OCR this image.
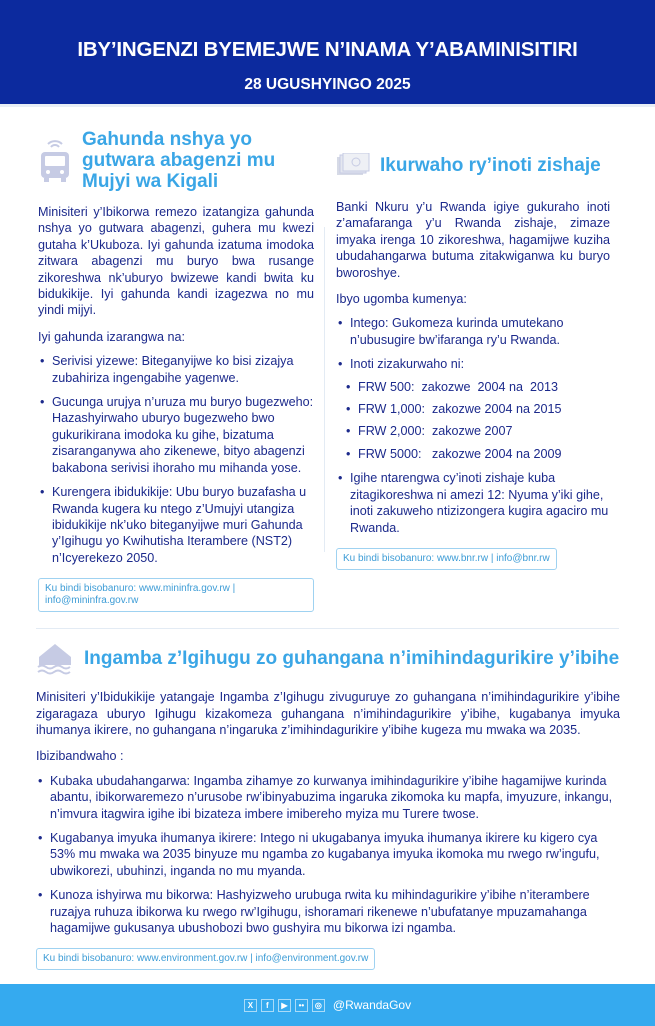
IBY’INGENZI BYEMEJWE N’INAMA Y’ABAMINISITIRI
28 UGUSHYINGO 2025
Gahunda nshya yo gutwara abagenzi mu Mujyi wa Kigali

Minisiteri y’Ibikorwa remezo izatangiza gahunda nshya yo gutwara abagenzi, guhera mu kwezi gutaha k’Ukuboza. Iyi gahunda izatuma imodoka zitwara abagenzi mu buryo bwa rusange zikoreshwa nk’uburyo bwizewe kandi bwita ku bidukikije. Iyi gahunda kandi izagezwa no mu yindi mijyi.

Iyi gahunda izarangwa na:

• Serivisi yizewe: Biteganyijwe ko bisi zizajya zubahiriza ingengabihe yagenwe.
• Gucunga urujya n’uruza mu buryo bugezweho: Hazashyirwaho uburyo bugezweho bwo gukurikirana imodoka ku gihe, bizatuma zisaranganywa aho zikenewe, bityo abagenzi bakabona serivisi ihoraho mu mihanda yose.
• Kurengera ibidukikije: Ubu buryo buzafasha u Rwanda kugera ku ntego z’Umujyi utangiza ibidukikije nk’uko biteganyijwe muri Gahunda y’Igihugu yo Kwihutisha Iterambere (NST2) n’Icyerekezo 2050.
Ku bindi bisobanuro: www.mininfra.gov.rw | info@mininfra.gov.rw
Ikurwaho ry’inoti zishaje

Banki Nkuru y’u Rwanda igiye gukuraho inoti z’amafaranga y’u Rwanda zishaje, zimaze imyaka irenga 10 zikoreshwa, hagamijwe kuziha ubudahangarwa butuma zitakwiganwa ku buryo bworoshye.

Ibyo ugomba kumenya:

• Intego: Gukomeza kurinda umutekano n’ubusugire bw’ifaranga ry’u Rwanda.
• Inoti zizakurwaho ni:
• FRW 500:  zakozwe  2004 na  2013
• FRW 1,000:  zakozwe 2004 na 2015
• FRW 2,000:  zakozwe 2007
• FRW 5000:   zakozwe 2004 na 2009
• Igihe ntarengwa cy’inoti zishaje kuba zitagikoreshwa ni amezi 12: Nyuma y’iki gihe, inoti zakuweho ntizizongera kugira agaciro mu Rwanda.
Ku bindi bisobanuro: www.bnr.rw | info@bnr.rw
Ingamba z’Igihugu zo guhangana n’imihindagurikire y’ibihe

Minisiteri y’Ibidukikije yatangaje Ingamba z’Igihugu zivuguruye zo guhangana n’imihindagurikire y’ibihe zigaragaza uburyo Igihugu kizakomeza guhangana n’imihindagurikire y’ibihe, kugabanya imyuka ihumanya ikirere, no guhangana n’ingaruka z’imihindagurikire y’ibihe kugeza mu mwaka wa 2035.

Ibizibandwaho :

• Kubaka ubudahangarwa: Ingamba zihamye zo kurwanya imihindagurikire y’ibihe hagamijwe kurinda abantu, ibikorwaremezo n’urusobe rw’ibinyabuzima ingaruka zikomoka ku mapfa, imyuzure, inkangu, n’imvura itagwira igihe ibi bizateza imbere imibereho myiza mu Turere twose.
• Kugabanya imyuka ihumanya ikirere: Intego ni ukugabanya imyuka ihumanya ikirere ku kigero cya 53% mu mwaka wa 2035 binyuze mu ngamba zo kugabanya imyuka ikomoka mu rwego rw’ingufu, ubwikorezi, ubuhinzi, inganda no mu myanda.
• Kunoza ishyirwa mu bikorwa: Hashyizweho urubuga rwita ku mihindagurikire y’ibihe n’iterambere ruzajya ruhuza ibikorwa ku rwego rw’Igihugu, ishoramari rikenewe n’ubufatanye mpuzamahanga hagamijwe gukusanya ubushobozi bwo gushyira mu bikorwa izi ngamba.
Ku bindi bisobanuro: www.environment.gov.rw | info@environment.gov.rw
X	f	▶	••	◎ @RwandaGov
